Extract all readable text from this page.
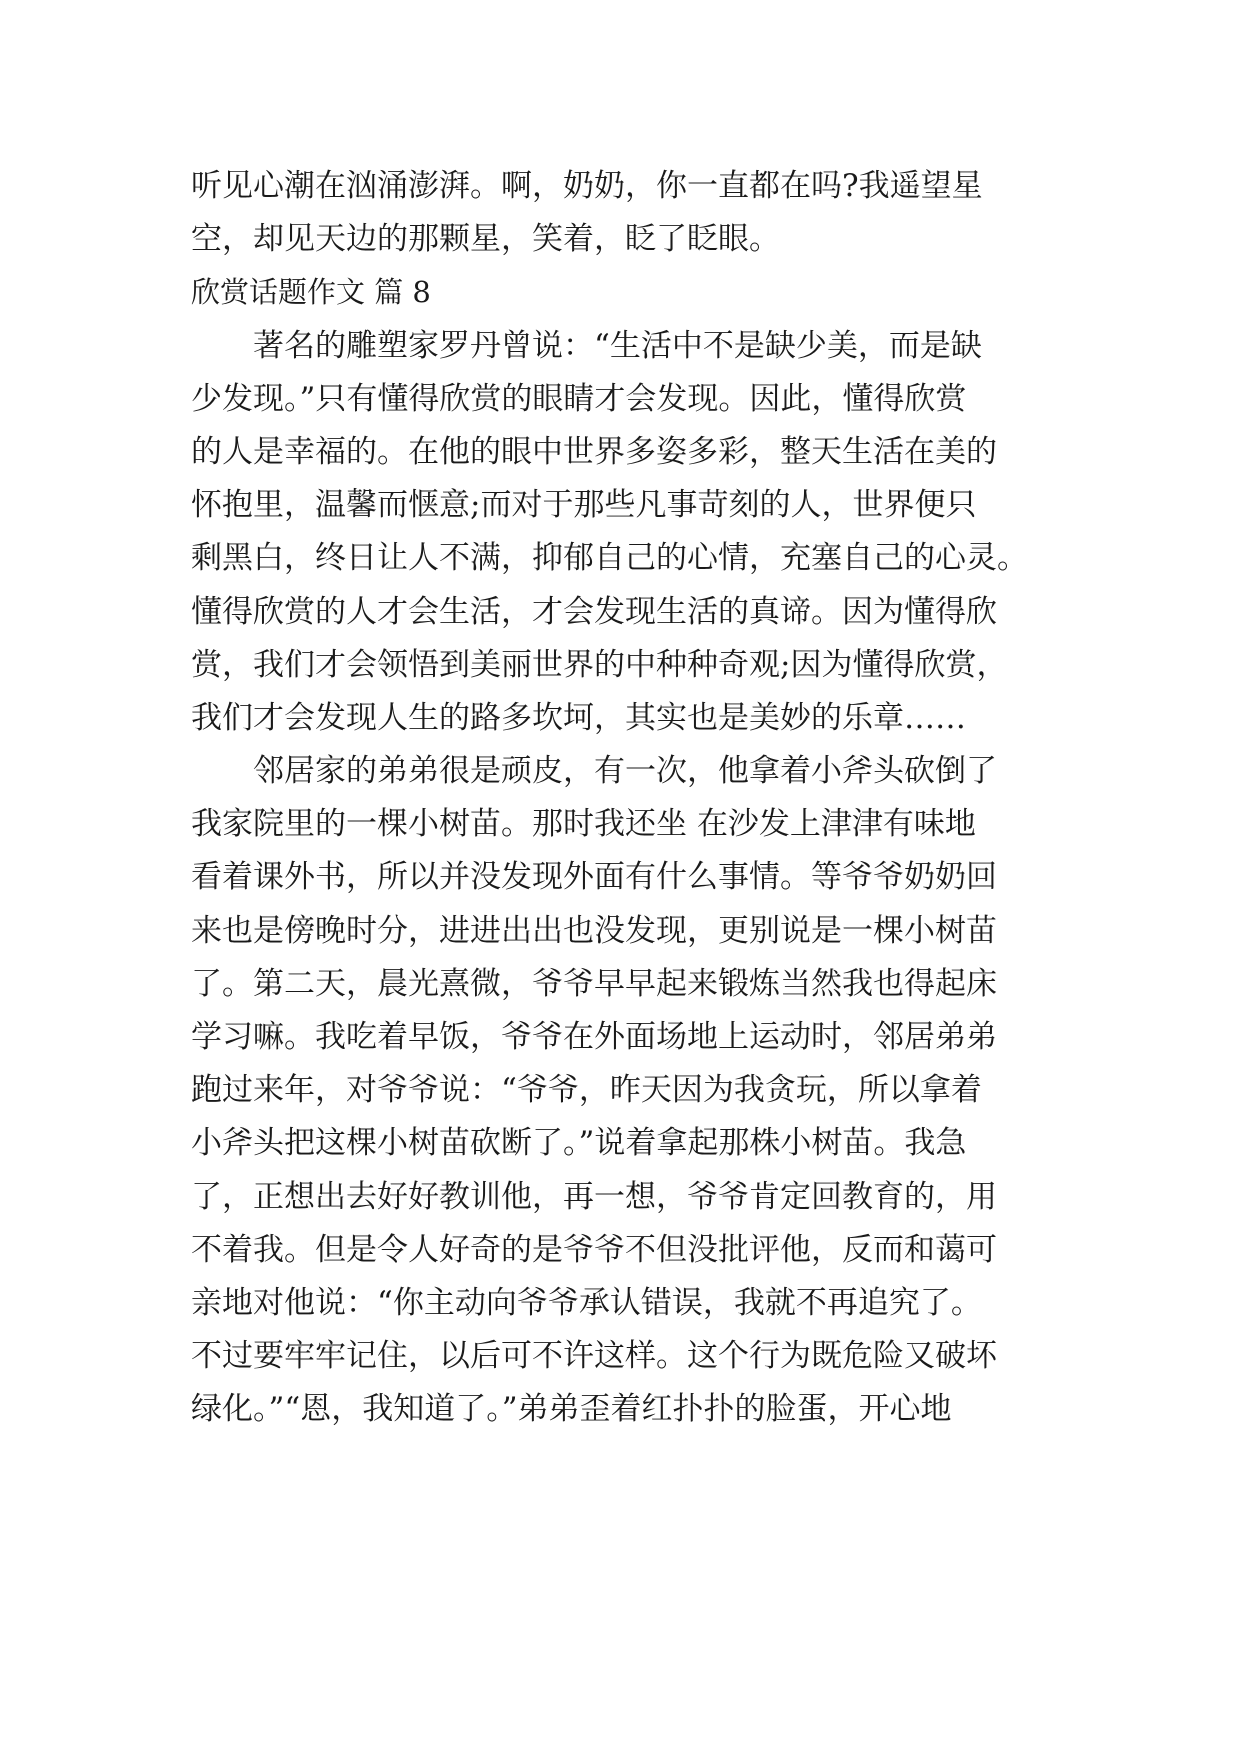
听见心潮在汹涌澎湃。啊，奶奶，你一直都在吗?我遥望星
空，却见天边的那颗星，笑着，眨了眨眼。
欣赏话题作文 篇 8
　　著名的雕塑家罗丹曾说：“生活中不是缺少美，而是缺
少发现。”只有懂得欣赏的眼睛才会发现。因此，懂得欣赏
的人是幸福的。在他的眼中世界多姿多彩，整天生活在美的
怀抱里，温馨而惬意;而对于那些凡事苛刻的人，世界便只
剩黑白，终日让人不满，抑郁自己的心情，充塞自己的心灵。
懂得欣赏的人才会生活，才会发现生活的真谛。因为懂得欣
赏，我们才会领悟到美丽世界的中种种奇观;因为懂得欣赏，
我们才会发现人生的路多坎坷，其实也是美妙的乐章……
　　邻居家的弟弟很是顽皮，有一次，他拿着小斧头砍倒了
我家院里的一棵小树苗。那时我还坐 在沙发上津津有味地
看着课外书，所以并没发现外面有什么事情。等爷爷奶奶回
来也是傍晚时分，进进出出也没发现，更别说是一棵小树苗
了。第二天，晨光熹微，爷爷早早起来锻炼当然我也得起床
学习嘛。我吃着早饭，爷爷在外面场地上运动时，邻居弟弟
跑过来年，对爷爷说：“爷爷，昨天因为我贪玩，所以拿着
小斧头把这棵小树苗砍断了。”说着拿起那株小树苗。我急
了，正想出去好好教训他，再一想，爷爷肯定回教育的，用
不着我。但是令人好奇的是爷爷不但没批评他，反而和蔼可
亲地对他说：“你主动向爷爷承认错误，我就不再追究了。
不过要牢牢记住，以后可不许这样。这个行为既危险又破坏
绿化。”“恩，我知道了。”弟弟歪着红扑扑的脸蛋，开心地
